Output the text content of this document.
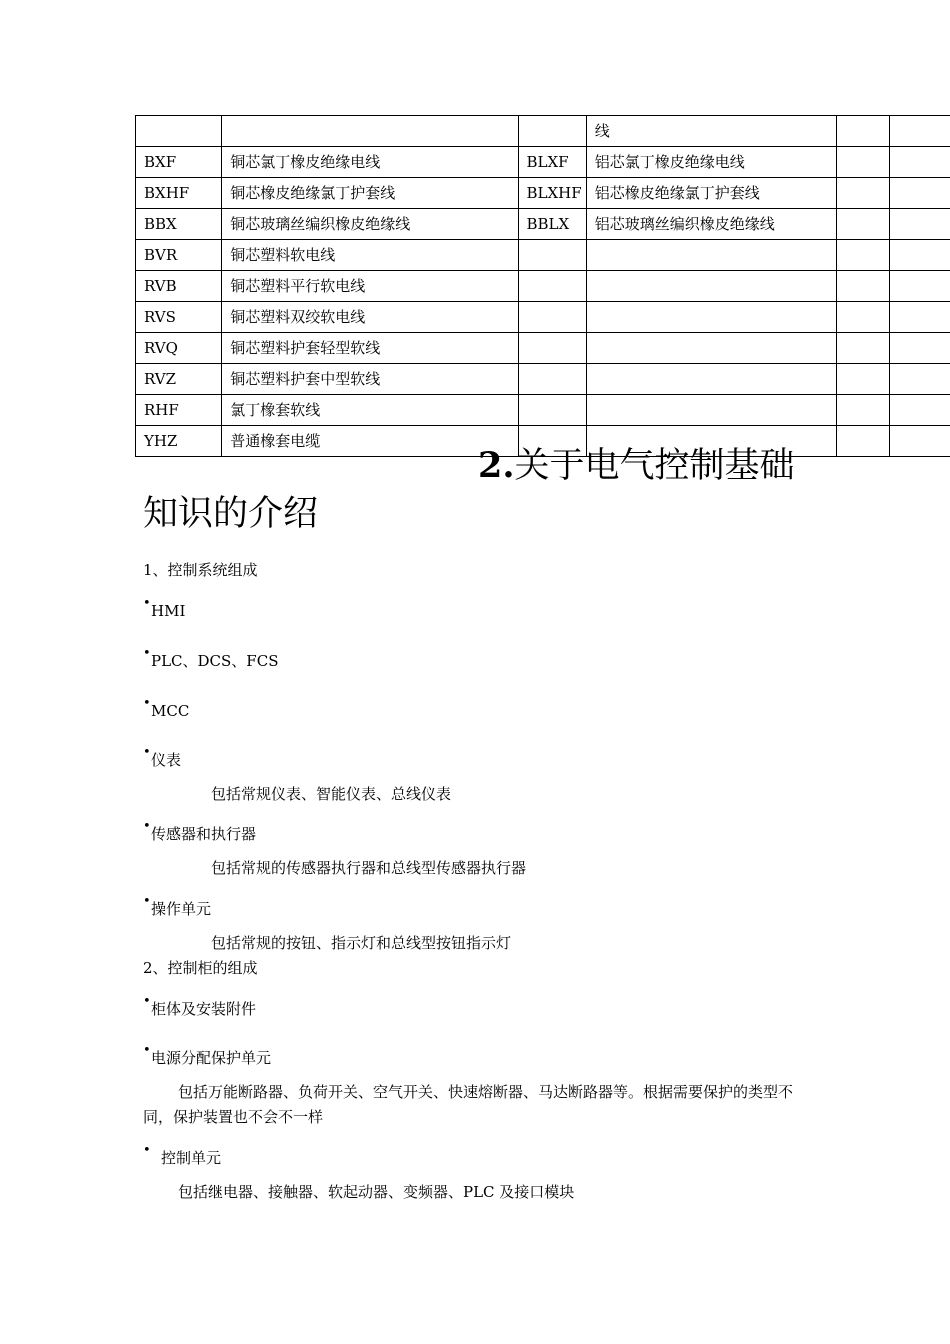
			线		
BXF	铜芯氯丁橡皮绝缘电线	BLXF	铝芯氯丁橡皮绝缘电线		
BXHF	铜芯橡皮绝缘氯丁护套线	BLXHF	铝芯橡皮绝缘氯丁护套线		
BBX	铜芯玻璃丝编织橡皮绝缘线	BBLX	铝芯玻璃丝编织橡皮绝缘线		
BVR	铜芯塑料软电线				
RVB	铜芯塑料平行软电线				
RVS	铜芯塑料双绞软电线				
RVQ	铜芯塑料护套轻型软线				
RVZ	铜芯塑料护套中型软线				
RHF	氯丁橡套软线				
YHZ	普通橡套电缆				
2.关于电气控制基础
知识的介绍
1、控制系统组成
• HMI
• PLC、DCS、FCS
• MCC
• 仪表
包括常规仪表、智能仪表、总线仪表
• 传感器和执行器
包括常规的传感器执行器和总线型传感器执行器
• 操作单元
包括常规的按钮、指示灯和总线型按钮指示灯
2、控制柜的组成
• 柜体及安装附件
• 电源分配保护单元
包括万能断路器、负荷开关、空气开关、快速熔断器、马达断路器等。根据需要保护的类型不同，保护装置也不会不一样
• 控制单元
包括继电器、接触器、软起动器、变频器、PLC 及接口模块
